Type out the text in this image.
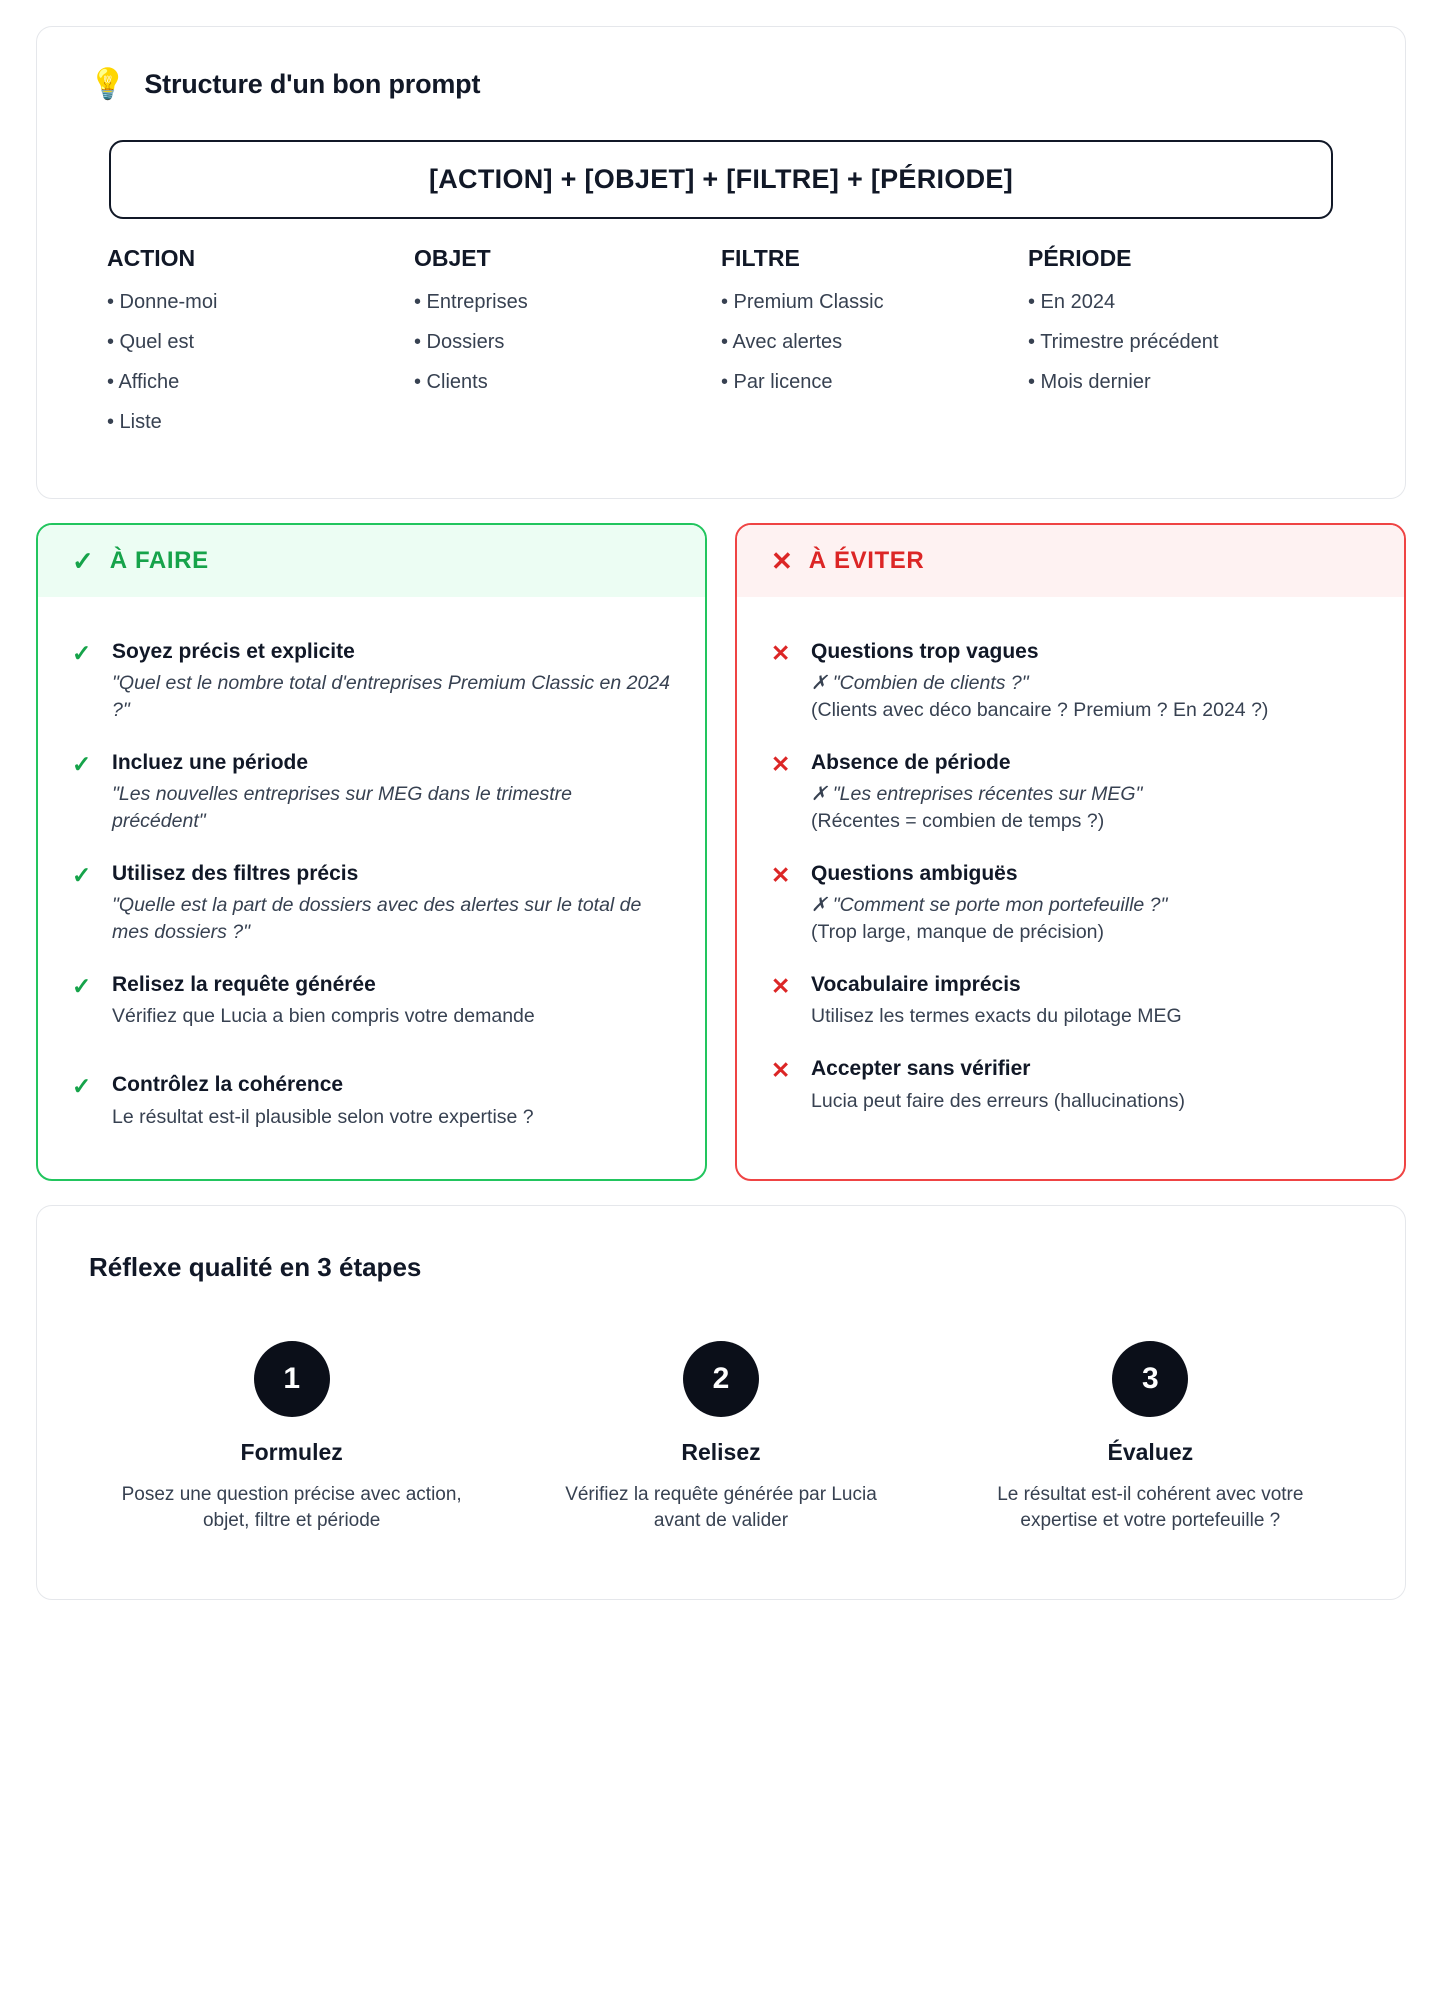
💡 Structure d'un bon prompt
[ACTION] + [OBJET] + [FILTRE] + [PÉRIODE]
ACTION
• Donne-moi
• Quel est
• Affiche
• Liste
OBJET
• Entreprises
• Dossiers
• Clients
FILTRE
• Premium Classic
• Avec alertes
• Par licence
PÉRIODE
• En 2024
• Trimestre précédent
• Mois dernier
✓ À FAIRE
✓ Soyez précis et explicite
"Quel est le nombre total d'entreprises Premium Classic en 2024 ?"
✓ Incluez une période
"Les nouvelles entreprises sur MEG dans le trimestre précédent"
✓ Utilisez des filtres précis
"Quelle est la part de dossiers avec des alertes sur le total de mes dossiers ?"
✓ Relisez la requête générée
Vérifiez que Lucia a bien compris votre demande
✓ Contrôlez la cohérence
Le résultat est-il plausible selon votre expertise ?
✕ À ÉVITER
✕ Questions trop vagues
✗ "Combien de clients ?"
(Clients avec déco bancaire ? Premium ? En 2024 ?)
✕ Absence de période
✗ "Les entreprises récentes sur MEG"
(Récentes = combien de temps ?)
✕ Questions ambiguës
✗ "Comment se porte mon portefeuille ?"
(Trop large, manque de précision)
✕ Vocabulaire imprécis
Utilisez les termes exacts du pilotage MEG
✕ Accepter sans vérifier
Lucia peut faire des erreurs (hallucinations)
Réflexe qualité en 3 étapes
1
Formulez
Posez une question précise avec action, objet, filtre et période
2
Relisez
Vérifiez la requête générée par Lucia avant de valider
3
Évaluez
Le résultat est-il cohérent avec votre expertise et votre portefeuille ?
